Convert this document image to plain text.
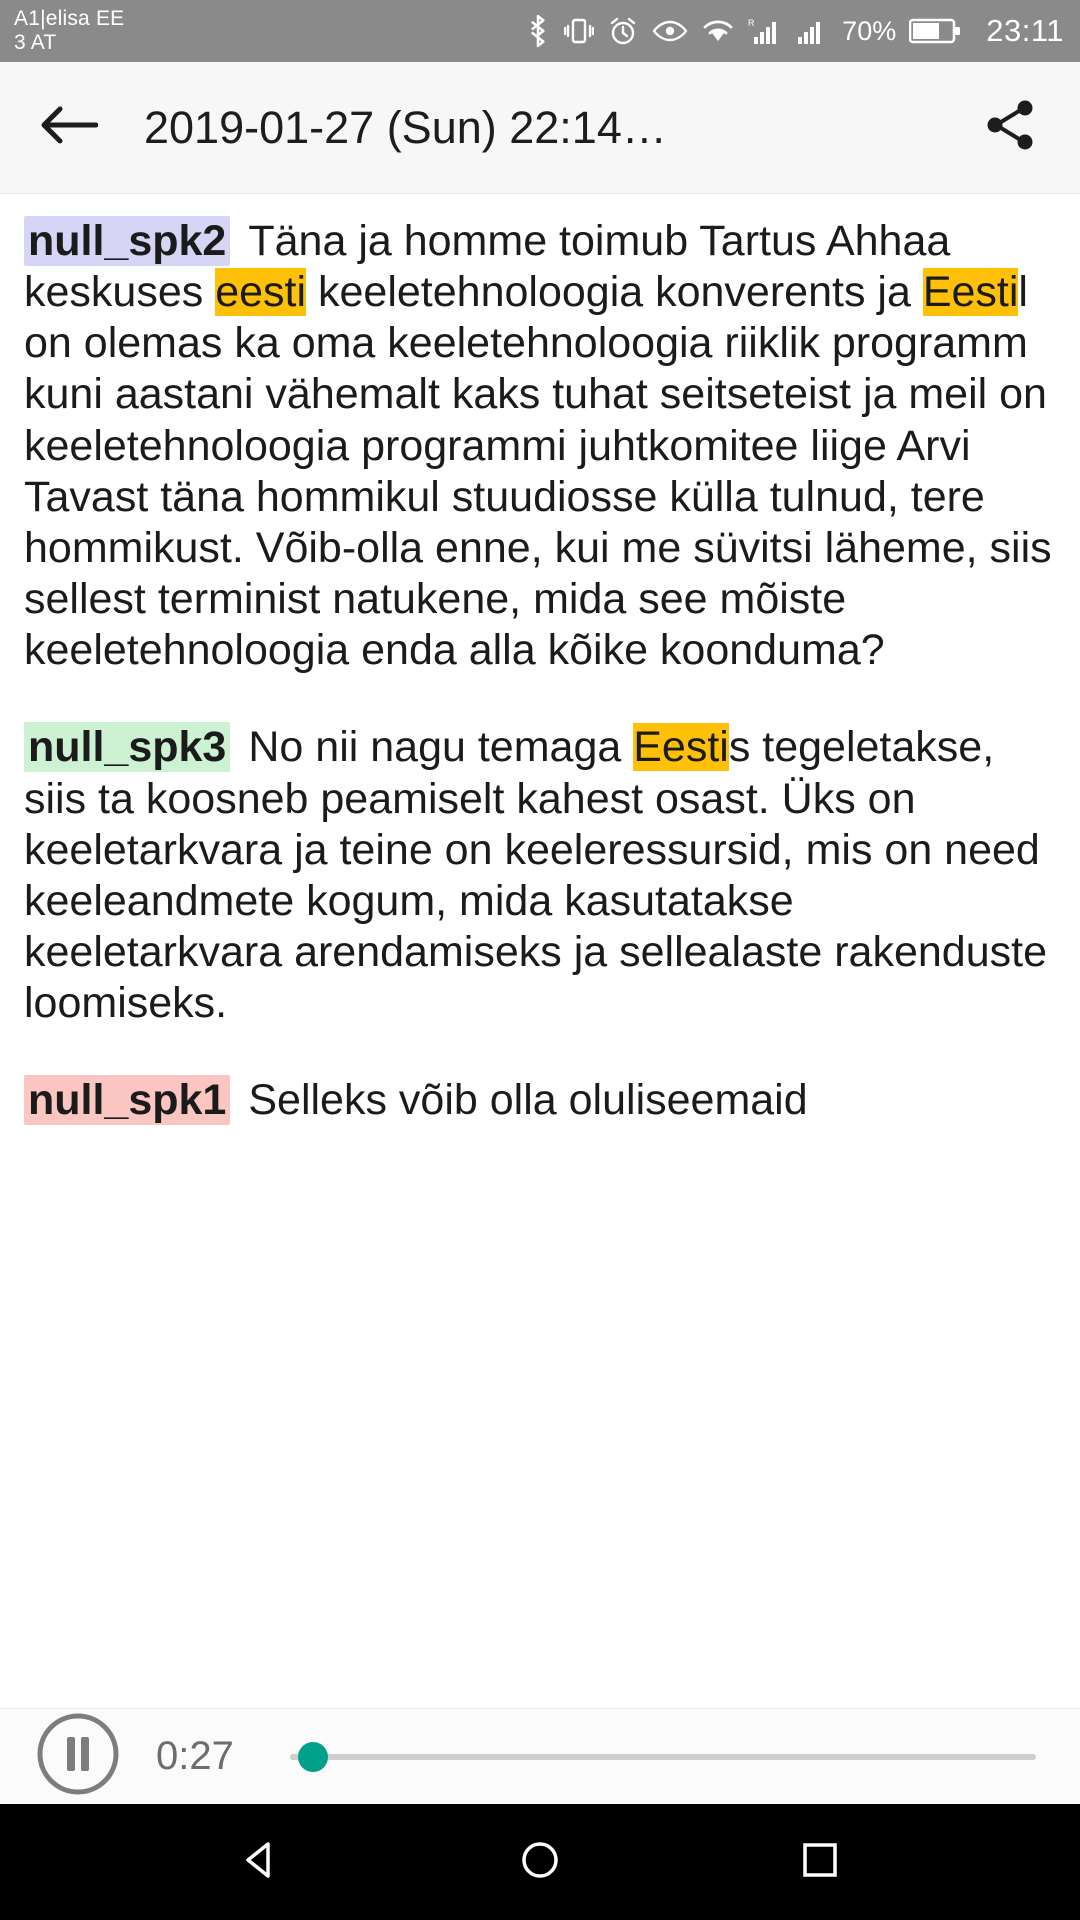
A1|elisa EE
3 AT
R	70%	23:11
2019-01-27 (Sun) 22:14…

null_spk2 Täna ja homme toimub Tartus Ahhaa keskuses eesti keeletehnoloogia konverents ja Eestil on olemas ka oma keeletehnoloogia riiklik programm kuni aastani vähemalt kaks tuhat seitseteist ja meil on keeletehnoloogia programmi juhtkomitee liige Arvi Tavast täna hommikul stuudiosse külla tulnud, tere hommikust. Võib-olla enne, kui me süvitsi läheme, siis sellest terminist natukene, mida see mõiste keeletehnoloogia enda alla kõike koonduma?

null_spk3 No nii nagu temaga Eestis tegeletakse, siis ta koosneb peamiselt kahest osast. Üks on keeletarkvara ja teine on keeleressursid, mis on need keeleandmete kogum, mida kasutatakse keeletarkvara arendamiseks ja sellealaste rakenduste loomiseks.

null_spk1 Selleks võib olla oluliseemaid

0:27
